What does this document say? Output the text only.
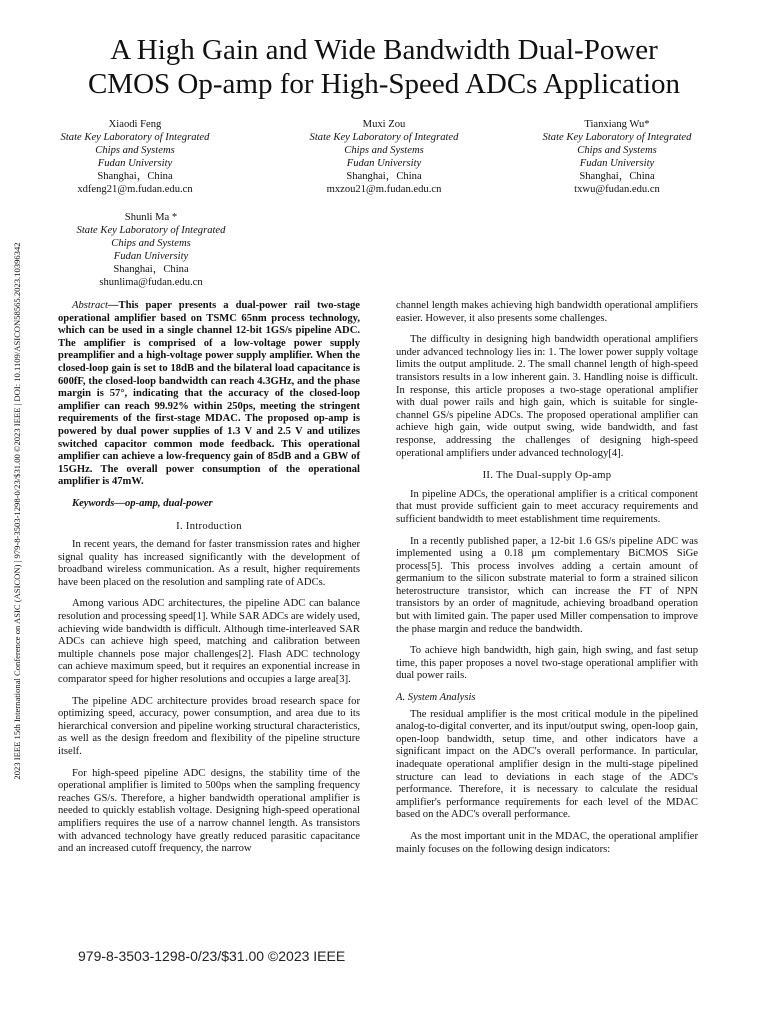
A High Gain and Wide Bandwidth Dual-Power
CMOS Op-amp for High-Speed ADCs Application
Xiaodi Feng
State Key Laboratory of Integrated
Chips and Systems
Fudan University
Shanghai，China
xdfeng21@m.fudan.edu.cn
Muxi Zou
State Key Laboratory of Integrated
Chips and Systems
Fudan University
Shanghai，China
mxzou21@m.fudan.edu.cn
Tianxiang Wu*
State Key Laboratory of Integrated
Chips and Systems
Fudan University
Shanghai，China
txwu@fudan.edu.cn
Shunli Ma *
State Key Laboratory of Integrated
Chips and Systems
Fudan University
Shanghai，China
shunlima@fudan.edu.cn
2023 IEEE 15th International Conference on ASIC (ASICON) | 979-8-3503-1298-0/23/$31.00 ©2023 IEEE | DOI: 10.1109/ASICON58565.2023.10396342	Abstract—This paper presents a dual-power rail two-stage operational amplifier based on TSMC 65nm process technology, which can be used in a single channel 12-bit 1GS/s pipeline ADC. The amplifier is comprised of a low-voltage power supply preamplifier and a high-voltage power supply amplifier. When the closed-loop gain is set to 18dB and the bilateral load capacitance is 600fF, the closed-loop bandwidth can reach 4.3GHz, and the phase margin is 57°, indicating that the accuracy of the closed-loop amplifier can reach 99.92% within 250ps, meeting the stringent requirements of the first-stage MDAC. The proposed op-amp is powered by dual power supplies of 1.3 V and 2.5 V and utilizes switched capacitor common mode feedback. This operational amplifier can achieve a low-frequency gain of 85dB and a GBW of 15GHz. The overall power consumption of the operational amplifier is 47mW.

Keywords—op-amp, dual-power

I. Introduction

In recent years, the demand for faster transmission rates and higher signal quality has increased significantly with the development of broadband wireless communication. As a result, higher requirements have been placed on the resolution and sampling rate of ADCs.

Among various ADC architectures, the pipeline ADC can balance resolution and processing speed[1]. While SAR ADCs are widely used, achieving wide bandwidth is difficult. Although time-interleaved SAR ADCs can achieve high speed, matching and calibration between multiple channels pose major challenges[2]. Flash ADC technology can achieve maximum speed, but it requires an exponential increase in comparator speed for higher resolutions and occupies a large area[3].

The pipeline ADC architecture provides broad research space for optimizing speed, accuracy, power consumption, and area due to its hierarchical conversion and pipeline working structural characteristics, as well as the design freedom and flexibility of the pipeline structure itself.

For high-speed pipeline ADC designs, the stability time of the operational amplifier is limited to 500ps when the sampling frequency reaches GS/s. Therefore, a higher bandwidth operational amplifier is needed to quickly establish voltage. Designing high-speed operational amplifiers requires the use of a narrow channel length. As transistors with advanced technology have greatly reduced parasitic capacitance and an increased cutoff frequency, the narrow

channel length makes achieving high bandwidth operational amplifiers easier. However, it also presents some challenges.

The difficulty in designing high bandwidth operational amplifiers under advanced technology lies in: 1. The lower power supply voltage limits the output amplitude. 2. The small channel length of high-speed transistors results in a low inherent gain. 3. Handling noise is difficult. In response, this article proposes a two-stage operational amplifier with dual power rails and high gain, which is suitable for single-channel GS/s pipeline ADCs. The proposed operational amplifier can achieve high gain, wide output swing, wide bandwidth, and fast response, addressing the challenges of designing high-speed operational amplifiers under advanced technology[4].

II. The Dual-supply Op-amp

In pipeline ADCs, the operational amplifier is a critical component that must provide sufficient gain to meet accuracy requirements and sufficient bandwidth to meet establishment time requirements.

In a recently published paper, a 12-bit 1.6 GS/s pipeline ADC was implemented using a 0.18 μm complementary BiCMOS SiGe process[5]. This process involves adding a certain amount of germanium to the silicon substrate material to form a strained silicon heterostructure transistor, which can increase the FT of NPN transistors by an order of magnitude, achieving broadband operation but with limited gain. The paper used Miller compensation to improve the phase margin and reduce the bandwidth.

To achieve high bandwidth, high gain, high swing, and fast setup time, this paper proposes a novel two-stage operational amplifier with dual power rails.

A. System Analysis

The residual amplifier is the most critical module in the pipelined analog-to-digital converter, and its input/output swing, open-loop gain, open-loop bandwidth, setup time, and other indicators have a significant impact on the ADC's overall performance. In particular, inadequate operational amplifier design in the multi-stage pipelined structure can lead to deviations in each stage of the ADC's performance. Therefore, it is necessary to calculate the residual amplifier's performance requirements for each level of the MDAC based on the ADC's overall performance.

As the most important unit in the MDAC, the operational amplifier mainly focuses on the following design indicators:

979-8-3503-1298-0/23/$31.00 ©2023 IEEE
